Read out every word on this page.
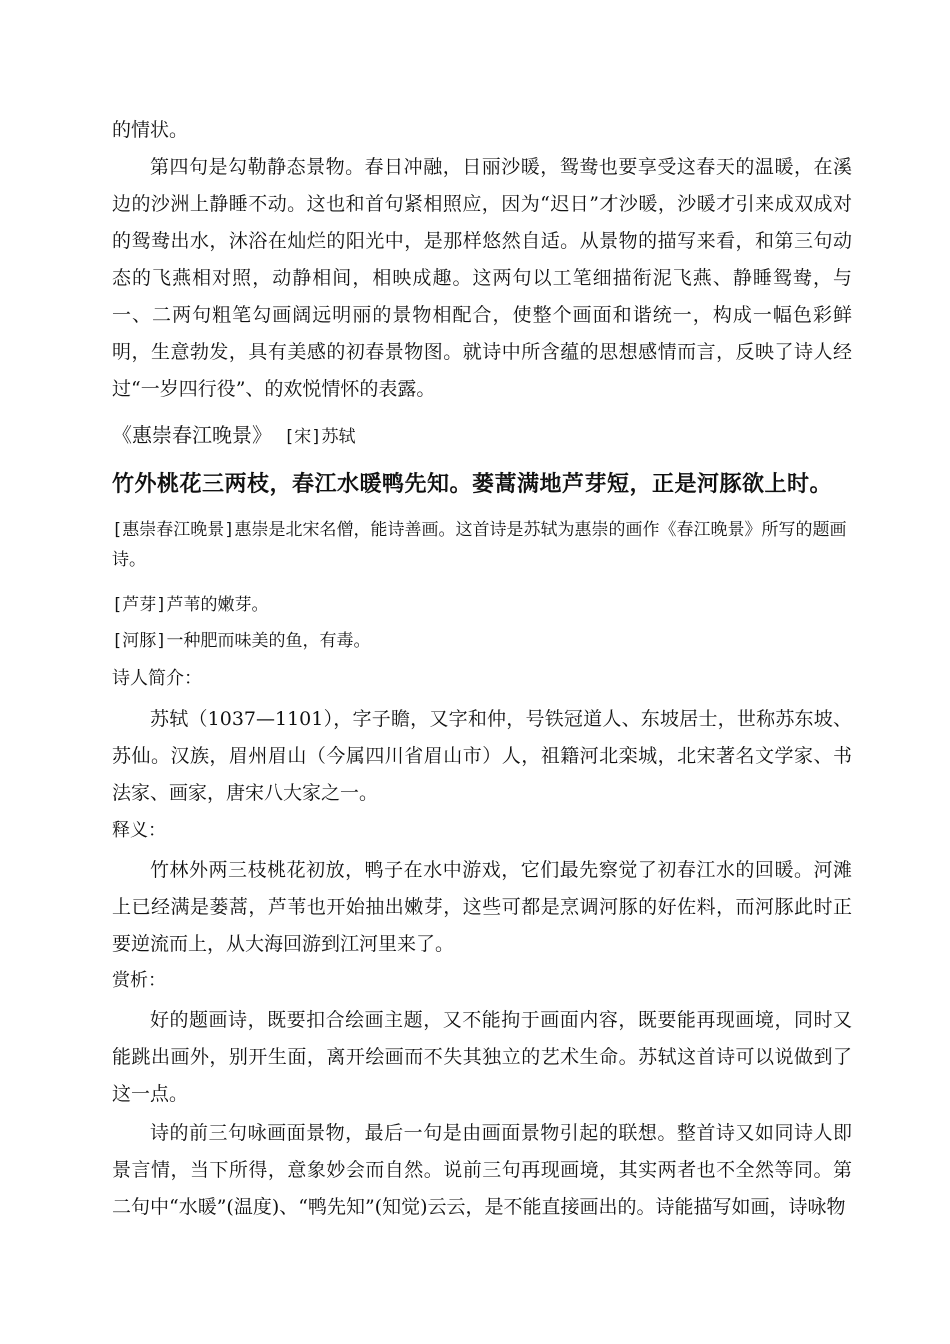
的情状。

第四句是勾勒静态景物。春日冲融，日丽沙暖，鸳鸯也要享受这春天的温暖，在溪边的沙洲上静睡不动。这也和首句紧相照应，因为“迟日”才沙暖，沙暖才引来成双成对的鸳鸯出水，沐浴在灿烂的阳光中，是那样悠然自适。从景物的描写来看，和第三句动态的飞燕相对照，动静相间，相映成趣。这两句以工笔细描衔泥飞燕、静睡鸳鸯，与一、二两句粗笔勾画阔远明丽的景物相配合，使整个画面和谐统一，构成一幅色彩鲜明，生意勃发，具有美感的初春景物图。就诗中所含蕴的思想感情而言，反映了诗人经过“一岁四行役”、的欢悦情怀的表露。

《惠崇春江晚景》 [宋]苏轼
竹外桃花三两枝，春江水暖鸭先知。蒌蒿满地芦芽短，正是河豚欲上时。

[惠崇春江晚景]惠崇是北宋名僧，能诗善画。这首诗是苏轼为惠崇的画作《春江晚景》所写的题画诗。

[芦芽]芦苇的嫩芽。

[河豚]一种肥而味美的鱼，有毒。

诗人简介：

苏轼（1037—1101），字子瞻，又字和仲，号铁冠道人、东坡居士，世称苏东坡、苏仙。汉族，眉州眉山（今属四川省眉山市）人，祖籍河北栾城，北宋著名文学家、书法家、画家，唐宋八大家之一。

释义：

竹林外两三枝桃花初放，鸭子在水中游戏，它们最先察觉了初春江水的回暖。河滩上已经满是蒌蒿，芦苇也开始抽出嫩芽，这些可都是烹调河豚的好佐料，而河豚此时正要逆流而上，从大海回游到江河里来了。

赏析：

好的题画诗，既要扣合绘画主题，又不能拘于画面内容，既要能再现画境，同时又能跳出画外，别开生面，离开绘画而不失其独立的艺术生命。苏轼这首诗可以说做到了这一点。

诗的前三句咏画面景物，最后一句是由画面景物引起的联想。整首诗又如同诗人即景言情，当下所得，意象妙会而自然。说前三句再现画境，其实两者也不全然等同。第二句中“水暖”(温度)、“鸭先知”(知觉)云云，是不能直接画出的。诗能描写如画，诗咏物
